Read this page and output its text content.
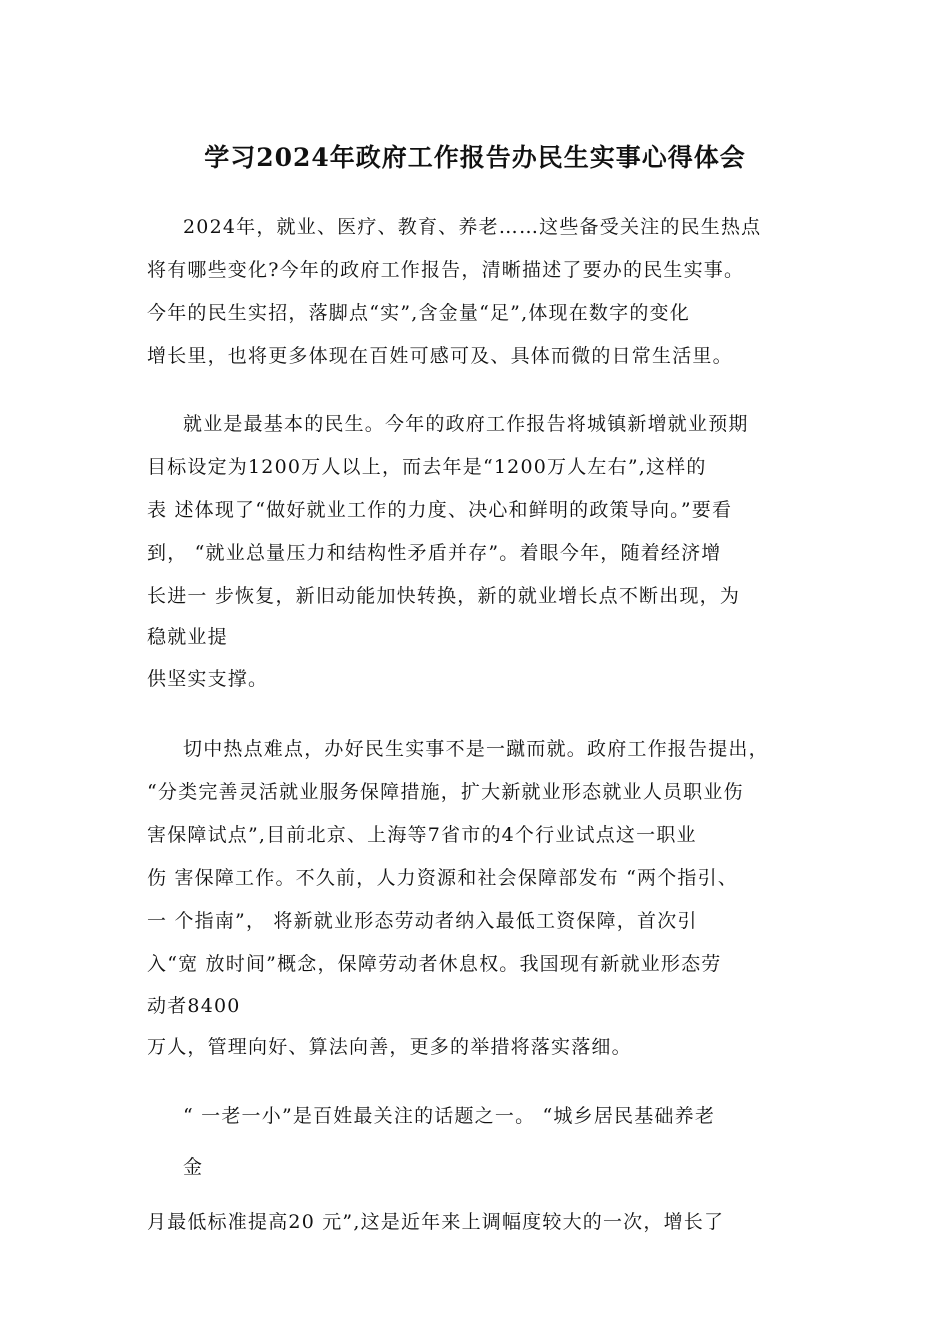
学习2024年政府工作报告办民生实事心得体会
2024年，就业、医疗、教育、养老……这些备受关注的民生热点
将有哪些变化?今年的政府工作报告，清晰描述了要办的民生实事。
今年的民生实招，落脚点“实”,含金量“足”,体现在数字的变化
增长里，也将更多体现在百姓可感可及、具体而微的日常生活里。
就业是最基本的民生。今年的政府工作报告将城镇新增就业预期
目标设定为1200万人以上，而去年是“1200万人左右”,这样的
表 述体现了“做好就业工作的力度、决心和鲜明的政策导向。”要看
到， “就业总量压力和结构性矛盾并存”。着眼今年，随着经济增
长进一 步恢复，新旧动能加快转换，新的就业增长点不断出现，为
稳就业提
供坚实支撑。
切中热点难点，办好民生实事不是一蹴而就。政府工作报告提出，
“分类完善灵活就业服务保障措施，扩大新就业形态就业人员职业伤
害保障试点”,目前北京、上海等7省市的4个行业试点这一职业
伤 害保障工作。不久前，人力资源和社会保障部发布 “两个指引、
一 个指南”， 将新就业形态劳动者纳入最低工资保障，首次引
入“宽 放时间”概念，保障劳动者休息权。我国现有新就业形态劳
动者8400
万人，管理向好、算法向善，更多的举措将落实落细。
“ 一老一小”是百姓最关注的话题之一。 “城乡居民基础养老
金
月最低标准提高20 元”,这是近年来上调幅度较大的一次，增长了
